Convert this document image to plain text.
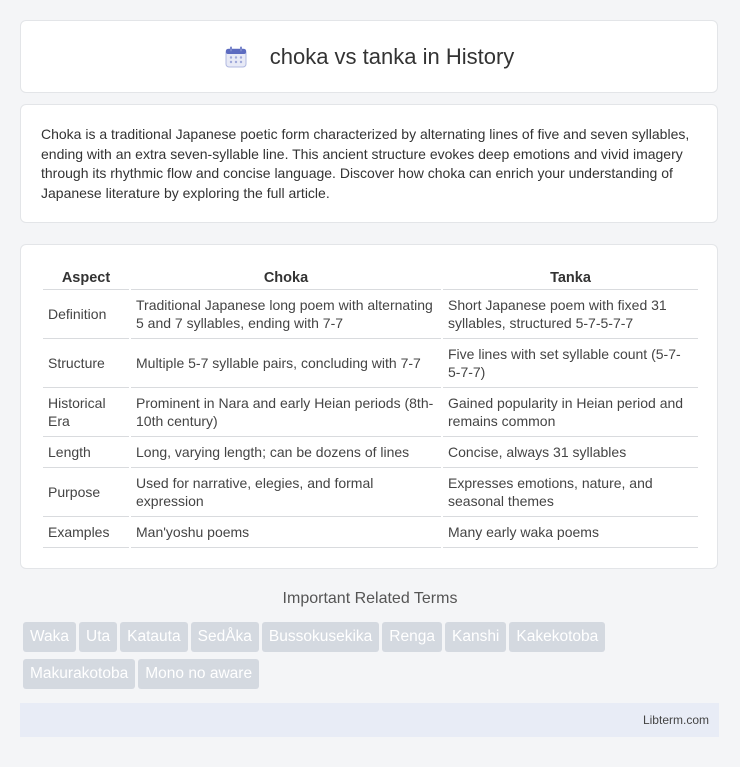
choka vs tanka in History

Choka is a traditional Japanese poetic form characterized by alternating lines of five and seven syllables, ending with an extra seven-syllable line. This ancient structure evokes deep emotions and vivid imagery through its rhythmic flow and concise language. Discover how choka can enrich your understanding of Japanese literature by exploring the full article.

Aspect	Choka	Tanka
Definition	Traditional Japanese long poem with alternating 5 and 7 syllables, ending with 7-7	Short Japanese poem with fixed 31 syllables, structured 5-7-5-7-7
Structure	Multiple 5-7 syllable pairs, concluding with 7-7	Five lines with set syllable count (5-7-5-7-7)
Historical Era	Prominent in Nara and early Heian periods (8th-10th century)	Gained popularity in Heian period and remains common
Length	Long, varying length; can be dozens of lines	Concise, always 31 syllables
Purpose	Used for narrative, elegies, and formal expression	Expresses emotions, nature, and seasonal themes
Examples	Man'yoshu poems	Many early waka poems
Important Related Terms
Waka Uta Katauta SedÅka Bussokusekika Renga Kanshi Kakekotoba
Makurakotoba Mono no aware
Libterm.com
